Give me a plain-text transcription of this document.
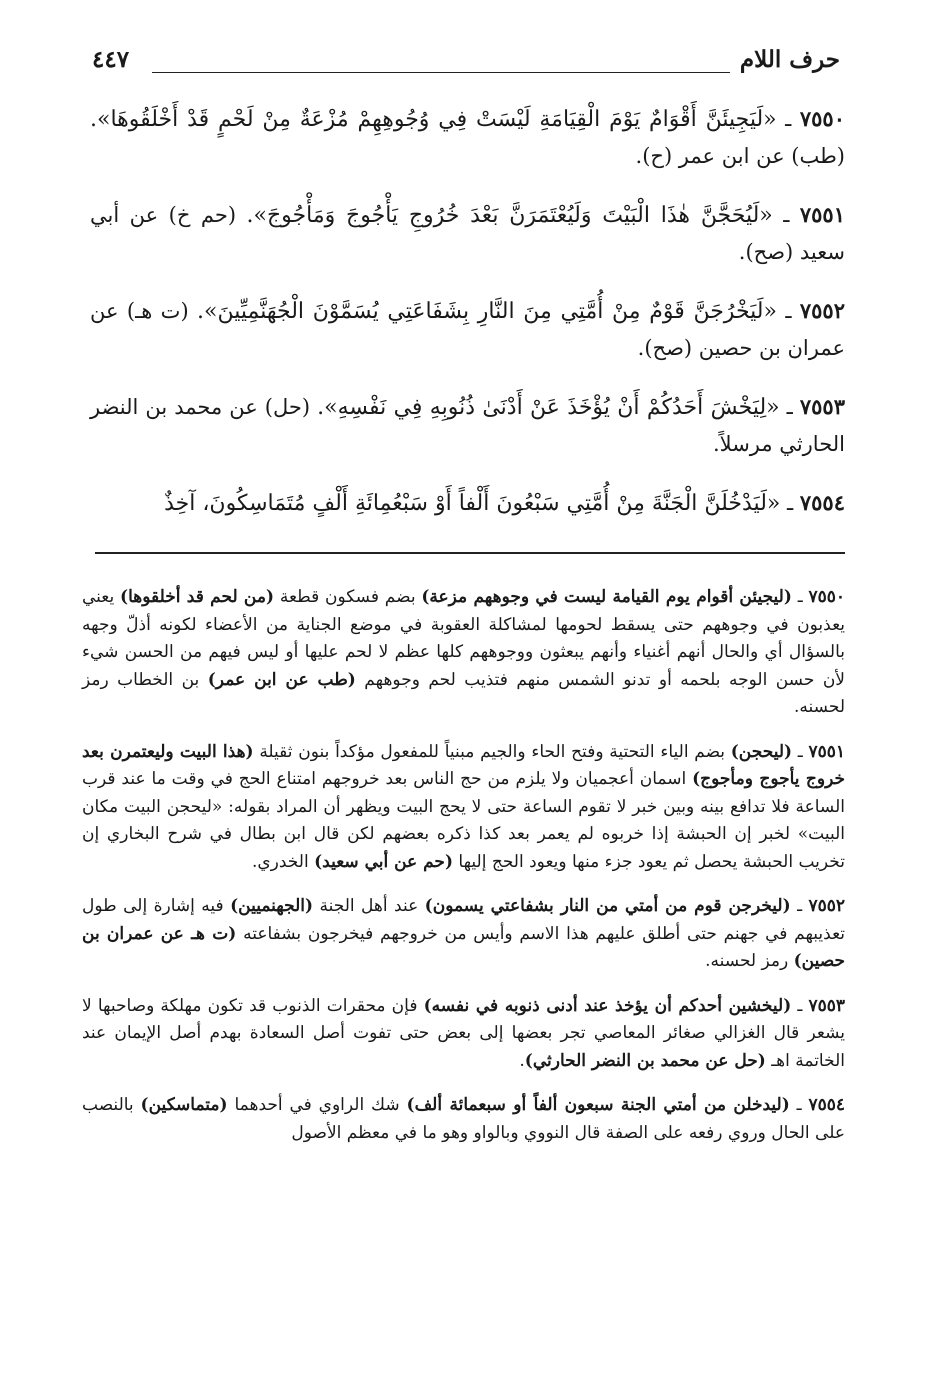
حرف اللام
٤٤٧

٧٥٥٠ ـ «لَيَجِيئَنَّ أَقْوَامٌ يَوْمَ الْقِيَامَةِ لَيْسَتْ فِي وُجُوهِهِمْ مُزْعَةٌ مِنْ لَحْمٍ قَدْ أَخْلَقُوهَا». (طب) عن ابن عمر (ح).

٧٥٥١ ـ «لَيُحَجَّنَّ هٰذَا الْبَيْتَ وَلَيُعْتَمَرَنَّ بَعْدَ خُرُوجِ يَأْجُوجَ وَمَأْجُوجَ». (حم خ) عن أبي سعيد (صح).

٧٥٥٢ ـ «لَيَخْرُجَنَّ قَوْمٌ مِنْ أُمَّتِي مِنَ النَّارِ بِشَفَاعَتِي يُسَمَّوْنَ الْجُهَنَّمِيِّينَ». (ت هـ) عن عمران بن حصين (صح).

٧٥٥٣ ـ «لِيَخْشَ أَحَدُكُمْ أَنْ يُؤْخَذَ عَنْ أَدْنَىٰ ذُنُوبِهِ فِي نَفْسِهِ». (حل) عن محمد بن النضر الحارثي مرسلاً.

٧٥٥٤ ـ «لَيَدْخُلَنَّ الْجَنَّةَ مِنْ أُمَّتِي سَبْعُونَ أَلْفاً أَوْ سَبْعُمِائَةِ أَلْفٍ مُتَمَاسِكُونَ، آخِذٌ

٧٥٥٠ ـ (ليجيئن أقوام يوم القيامة ليست في وجوههم مزعة) بضم فسكون قطعة (من لحم قد أخلقوها) يعني يعذبون في وجوههم حتى يسقط لحومها لمشاكلة العقوبة في موضع الجناية من الأعضاء لكونه أذلّ وجهه بالسؤال أي والحال أنهم أغنياء وأنهم يبعثون ووجوههم كلها عظم لا لحم عليها أو ليس فيهم من الحسن شيء لأن حسن الوجه بلحمه أو تدنو الشمس منهم فتذيب لحم وجوههم (طب عن ابن عمر) بن الخطاب رمز لحسنه.

٧٥٥١ ـ (ليحجن) بضم الياء التحتية وفتح الحاء والجيم مبنياً للمفعول مؤكداً بنون ثقيلة (هذا البيت وليعتمرن بعد خروج يأجوج ومأجوج) اسمان أعجميان ولا يلزم من حج الناس بعد خروجهم امتناع الحج في وقت ما عند قرب الساعة فلا تدافع بينه وبين خبر لا تقوم الساعة حتى لا يحج البيت ويظهر أن المراد بقوله: «ليحجن البيت مكان البيت» لخبر إن الحبشة إذا خربوه لم يعمر بعد كذا ذكره بعضهم لكن قال ابن بطال في شرح البخاري إن تخريب الحبشة يحصل ثم يعود جزء منها ويعود الحج إليها (حم عن أبي سعيد) الخدري.

٧٥٥٢ ـ (ليخرجن قوم من أمتي من النار بشفاعتي يسمون) عند أهل الجنة (الجهنميين) فيه إشارة إلى طول تعذيبهم في جهنم حتى أطلق عليهم هذا الاسم وأيس من خروجهم فيخرجون بشفاعته (ت هـ عن عمران بن حصين) رمز لحسنه.

٧٥٥٣ ـ (ليخشين أحدكم أن يؤخذ عند أدنى ذنوبه في نفسه) فإن محقرات الذنوب قد تكون مهلكة وصاحبها لا يشعر قال الغزالي صغائر المعاصي تجر بعضها إلى بعض حتى تفوت أصل السعادة بهدم أصل الإيمان عند الخاتمة اهـ (حل عن محمد بن النضر الحارثي).

٧٥٥٤ ـ (ليدخلن من أمتي الجنة سبعون ألفاً أو سبعمائة ألف) شك الراوي في أحدهما (متماسكين) بالنصب على الحال وروي رفعه على الصفة قال النووي وبالواو وهو ما في معظم الأصول
